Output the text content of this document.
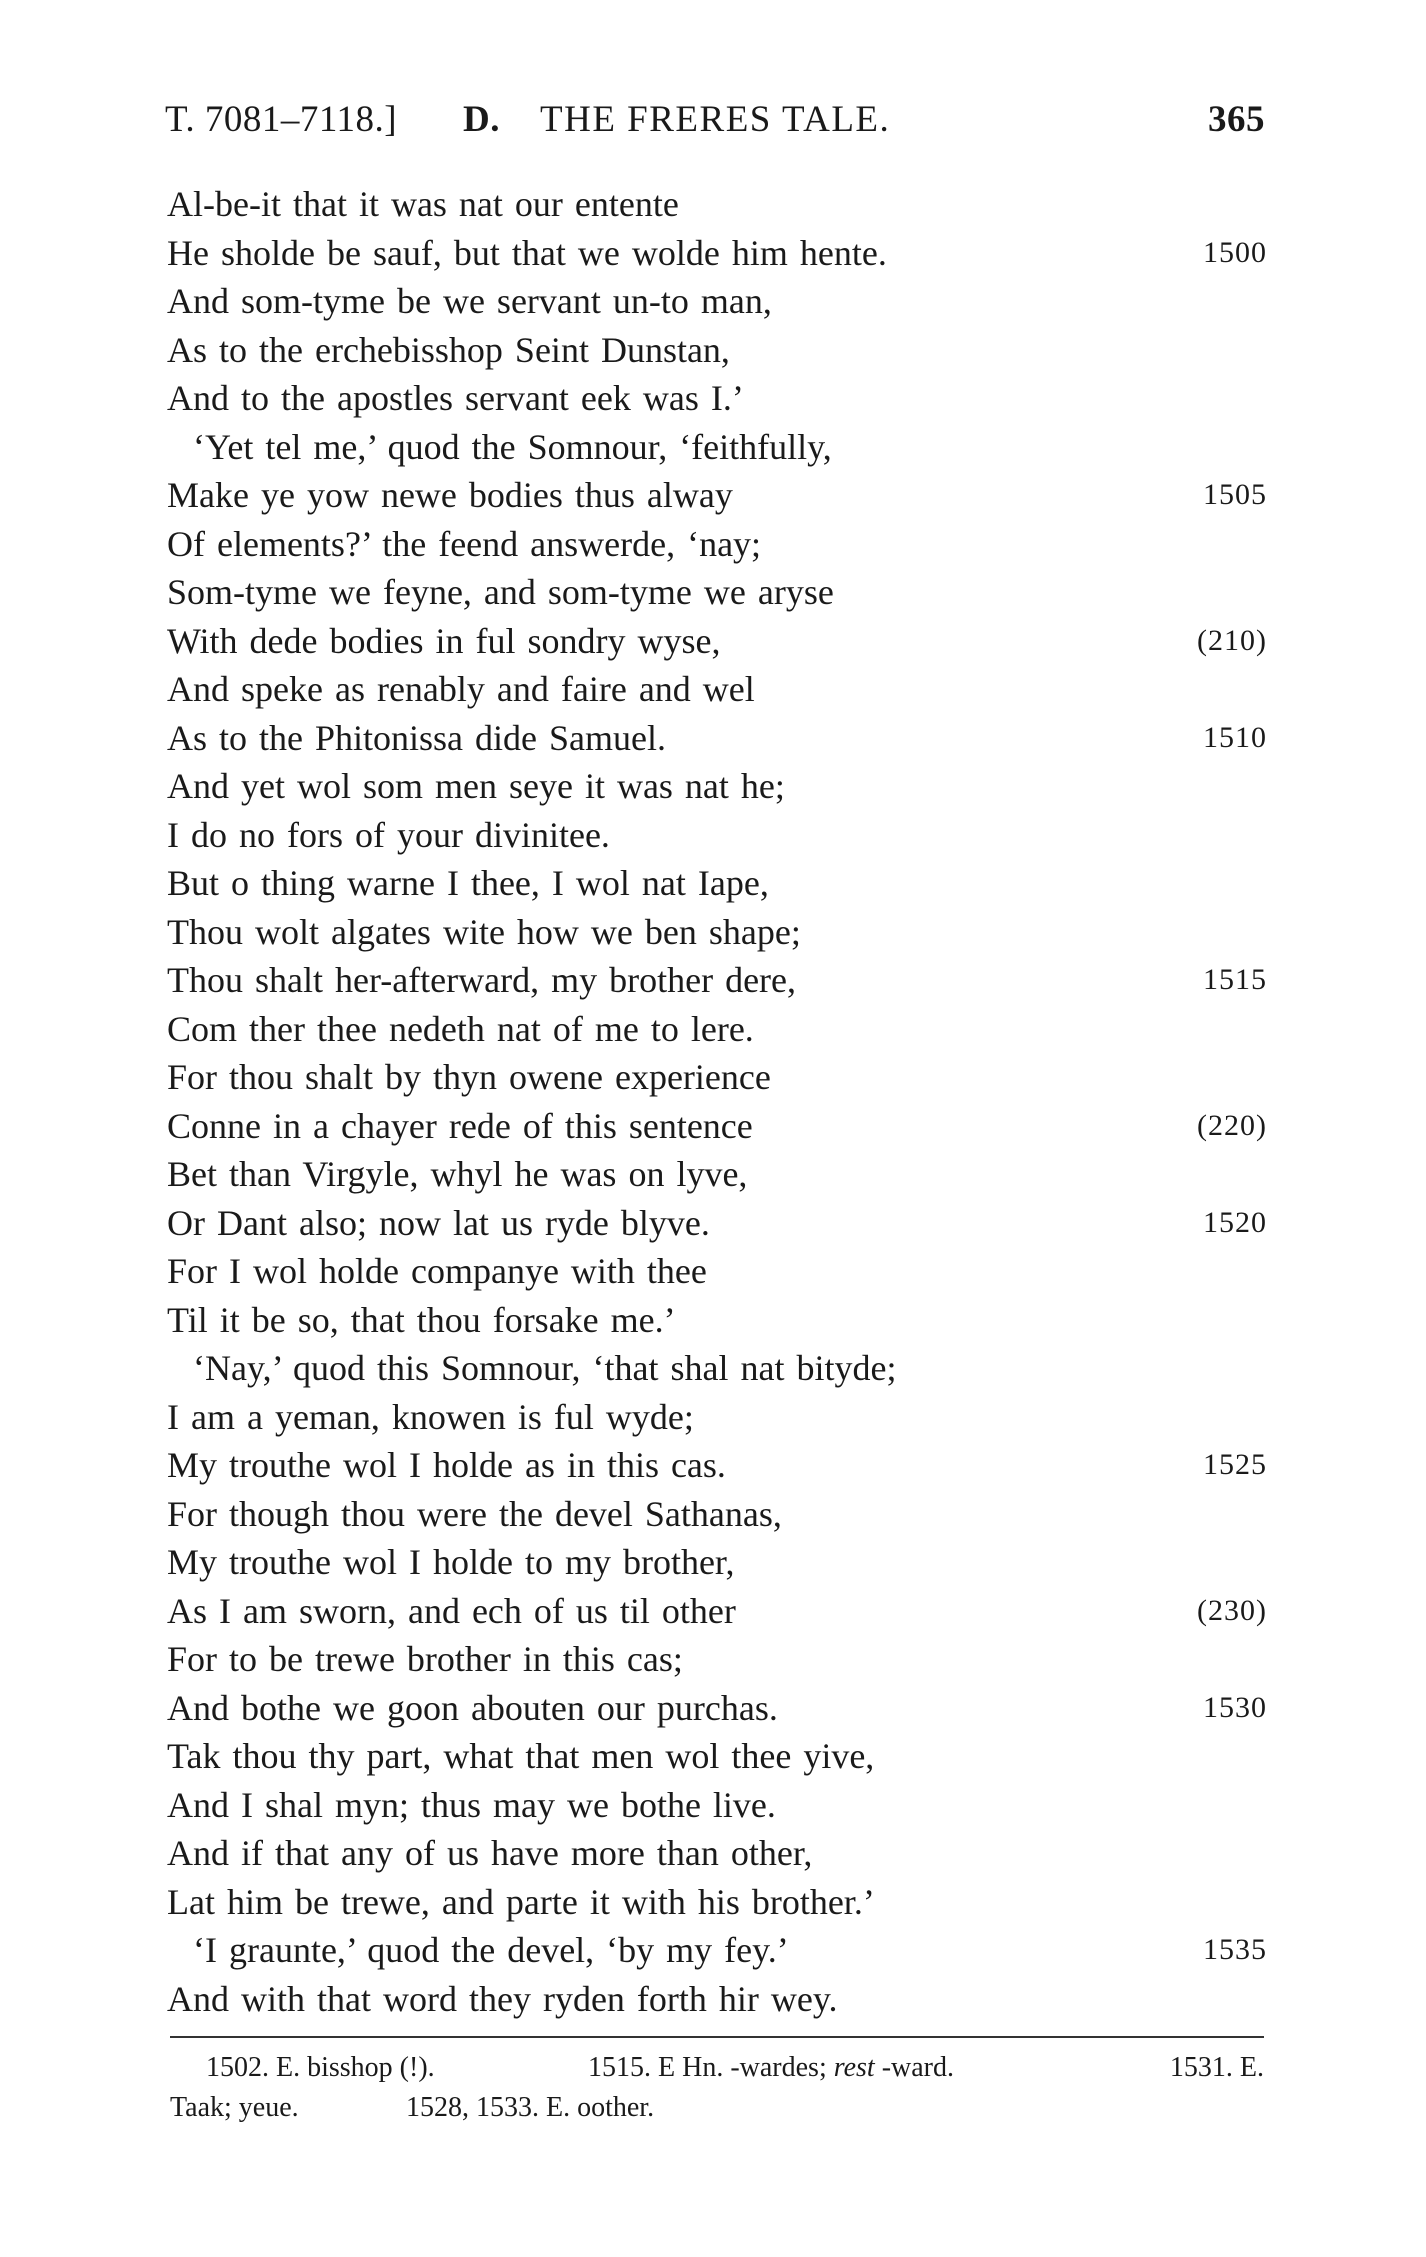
T. 7081–7118.] D. THE FRERES TALE.	365
Al-be-it that it was nat our entente
He sholde be sauf, but that we wolde him hente.	1500
And som-tyme be we servant un-to man,
As to the erchebisshop Seint Dunstan,
And to the apostles servant eek was I.’
‘Yet tel me,’ quod the Somnour, ‘feithfully,
Make ye yow newe bodies thus alway	1505
Of elements?’ the feend answerde, ‘nay;
Som-tyme we feyne, and som-tyme we aryse
With dede bodies in ful sondry wyse,	(210)
And speke as renably and faire and wel
As to the Phitonissa dide Samuel.	1510
And yet wol som men seye it was nat he;
I do no fors of your divinitee.
But o thing warne I thee, I wol nat Iape,
Thou wolt algates wite how we ben shape;
Thou shalt her-afterward, my brother dere,	1515
Com ther thee nedeth nat of me to lere.
For thou shalt by thyn owene experience
Conne in a chayer rede of this sentence	(220)
Bet than Virgyle, whyl he was on lyve,
Or Dant also; now lat us ryde blyve.	1520
For I wol holde companye with thee
Til it be so, that thou forsake me.’
‘Nay,’ quod this Somnour, ‘that shal nat bityde;
I am a yeman, knowen is ful wyde;
My trouthe wol I holde as in this cas.	1525
For though thou were the devel Sathanas,
My trouthe wol I holde to my brother,
As I am sworn, and ech of us til other	(230)
For to be trewe brother in this cas;
And bothe we goon abouten our purchas.	1530
Tak thou thy part, what that men wol thee yive,
And I shal myn; thus may we bothe live.
And if that any of us have more than other,
Lat him be trewe, and parte it with his brother.’
‘I graunte,’ quod the devel, ‘by my fey.’	1535
And with that word they ryden forth hir wey.
1502. E. bisshop (!).	1515. E Hn. -wardes; rest -ward.	1531. E.
Taak; yeue.	1528, 1533. E. oother.
